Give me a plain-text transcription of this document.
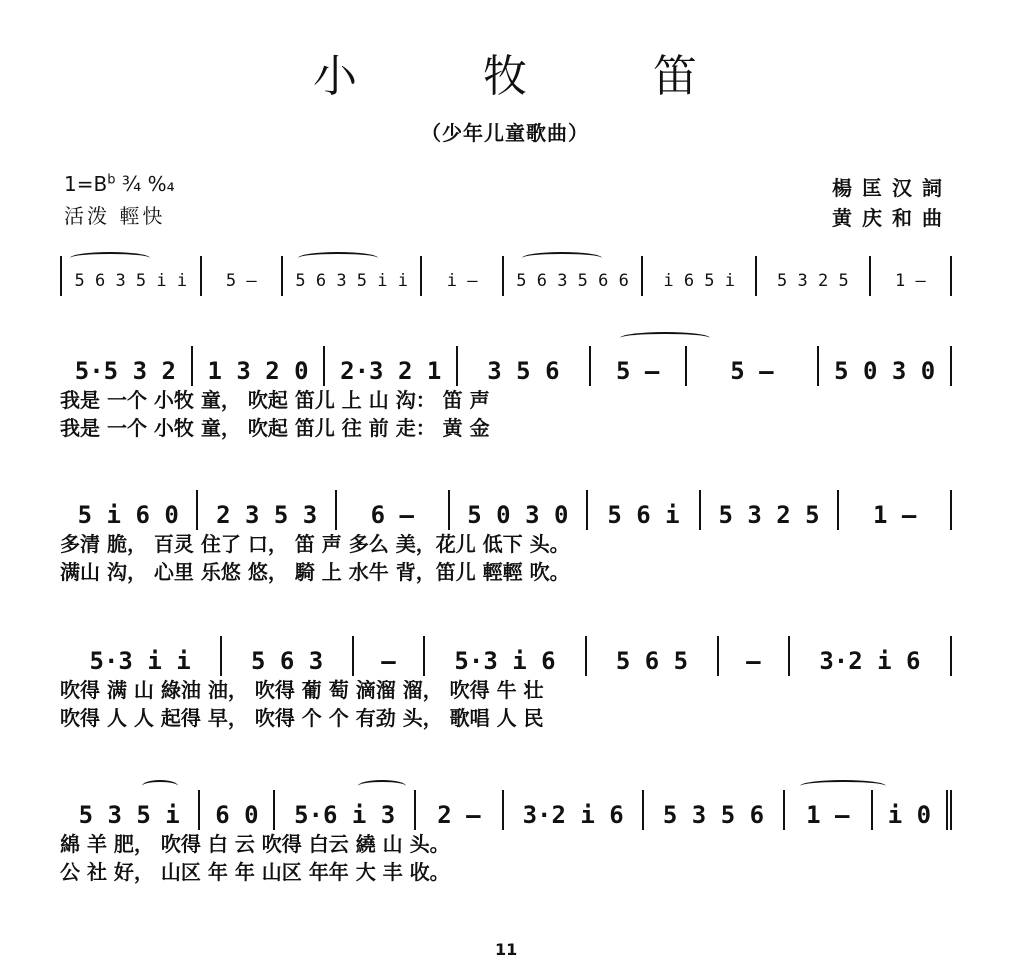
小 牧 笛
（少年儿童歌曲）
$1=B^b$ ¾ %₄
活泼 輕快
楊匡汉詞
黄庆和曲
5 6 3 5 i i	5 —	5 6 3 5 i i	i —	5 6 3 5 6 6	i 6 5 i	5 3 2 5	1 —
5·5 3 2	1 3 2 0	2·3 2 1	3 5 6	5 —	5 —	5 0 3 0
我是 一个 小牧 童， 吹起 笛儿 上 山 沟： 笛 声
我是 一个 小牧 童， 吹起 笛儿 往 前 走： 黄 金
5 i 6 0	2 3 5 3	6 —	5 0 3 0	5 6 i	5 3 2 5	1 —
多清 脆， 百灵 住了 口， 笛 声 多么 美，花儿 低下 头。
满山 沟， 心里 乐悠 悠， 騎 上 水牛 背，笛儿 輕輕 吹。
5·3 i i	5 6 3	—	5·3 i 6	5 6 5	—	3·2 i 6
吹得 满 山 綠油 油， 吹得 葡 萄 滴溜 溜， 吹得 牛 壮
吹得 人 人 起得 早， 吹得 个 个 有劲 头， 歌唱 人 民
5 3 5 i	6 0	5·6 i 3	2 —	3·2 i 6	5 3 5 6	1 —	i 0
綿 羊 肥， 吹得 白 云 吹得 白云 繞 山 头。
公 社 好， 山区 年 年 山区 年年 大 丰 收。
11
